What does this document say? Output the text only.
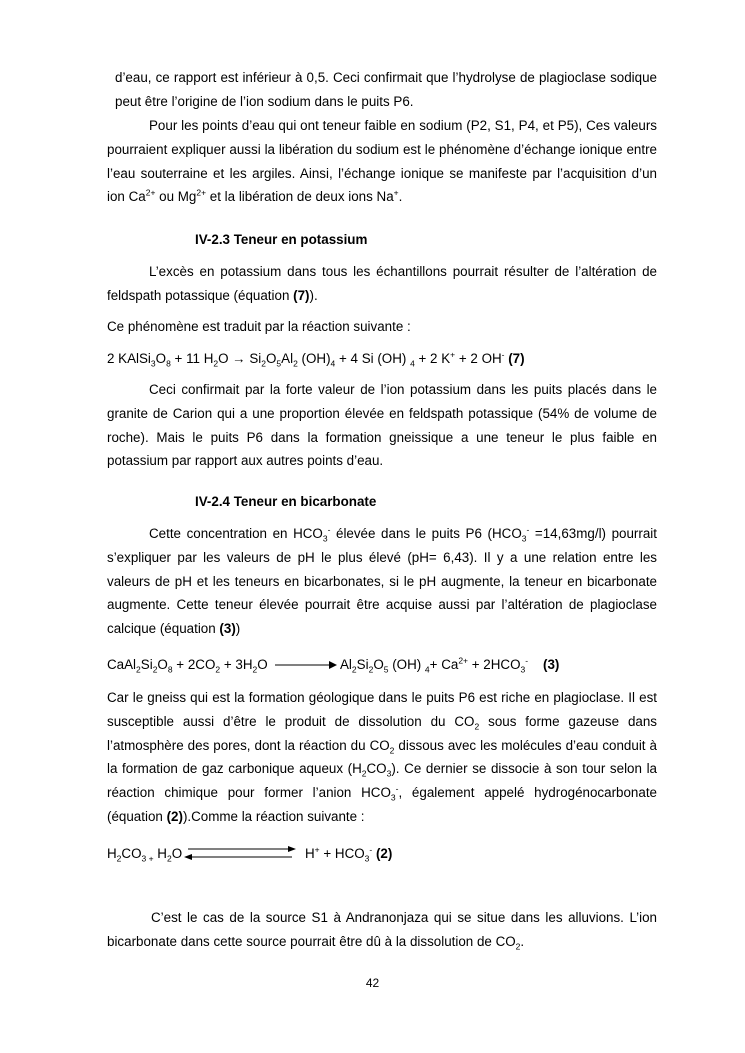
d’eau, ce rapport est inférieur à 0,5. Ceci confirmait que l’hydrolyse de plagioclase sodique peut être l’origine de l’ion sodium dans le puits P6.

Pour les points d’eau qui ont teneur faible en sodium (P2, S1, P4, et P5), Ces valeurs pourraient expliquer aussi la libération du sodium est le phénomène d’échange ionique entre l’eau souterraine et les argiles. Ainsi, l’échange ionique se manifeste par l’acquisition d’un ion $Ca^{2+}$ ou $Mg^{2+}$ et la libération de deux ions Na+.

IV-2.3 Teneur en potassium

L’excès en potassium dans tous les échantillons pourrait résulter de l’altération de feldspath potassique (équation (7)).

Ce phénomène est traduit par la réaction suivante :
2 $KAlSi_3O_8 + 11$ $H_2O \to Si_2O_5Al_2$ $(OH)_4 + 4$ Si (OH) $_4$ + 2 K+ + 2 OH- (7)

Ceci confirmait par la forte valeur de l’ion potassium dans les puits placés dans le granite de Carion qui a une proportion élevée en feldspath potassique (54% de volume de roche). Mais le puits P6 dans la formation gneissique a une teneur le plus faible en potassium par rapport aux autres points d’eau.

IV-2.4 Teneur en bicarbonate

Cette concentration en $HCO_3^-$ élevée dans le puits P6 $(HCO_3^- =14,63mg/l)$ pourrait s’expliquer par les valeurs de pH le plus élevé (pH= 6,43). Il y a une relation entre les valeurs de pH et les teneurs en bicarbonates, si le pH augmente, la teneur en bicarbonate augmente. Cette teneur élevée pourrait être acquise aussi par l’altération de plagioclase calcique (équation (3))

$CaAl_2Si_2O_8 + 2CO_2 + 3H_2O$	$Al_2Si_2O_5$ (OH) $_4+ Ca^{2+} + 2HCO_3^-$ (3)

Car le gneiss qui est la formation géologique dans le puits P6 est riche en plagioclase. Il est susceptible aussi d’être le produit de dissolution du $CO_2$ sous forme gazeuse dans l’atmosphère des pores, dont la réaction du $CO_2$ dissous avec les molécules d’eau conduit à la formation de gaz carbonique aqueux $(H_2CO_3)$. Ce dernier se dissocie à son tour selon la réaction chimique pour former l’anion $HCO_3^-$, également appelé hydrogénocarbonate (équation (2)).Comme la réaction suivante :

$H_2CO_{3 +}$ $H_2O$	$H^+ + HCO_3^-$ (2)

C’est le cas de la source S1 à Andranonjaza qui se situe dans les alluvions. L’ion bicarbonate dans cette source pourrait être dû à la dissolution de $CO_2$.

42
